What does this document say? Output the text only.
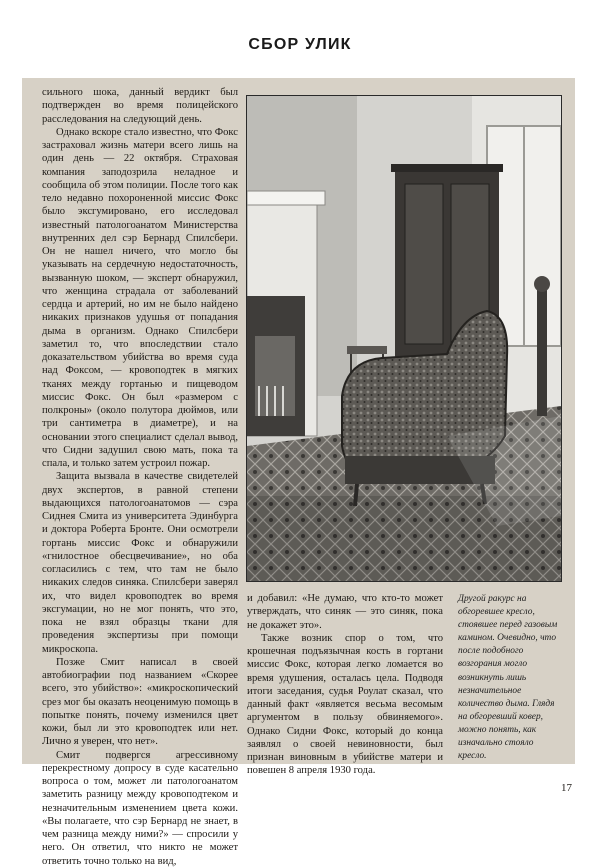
СБОР УЛИК

сильного шока, данный вердикт был подтвержден во время полицейского расследования на следующий день.

Однако вскоре стало известно, что Фокс застраховал жизнь матери всего лишь на один день — 22 октября. Страховая компания заподозрила неладное и сообщила об этом полиции. После того как тело недавно похороненной миссис Фокс было эксгумировано, его исследовал известный патологоанатом Министерства внутренних дел сэр Бернард Спилсбери. Он не нашел ничего, что могло бы указывать на сердечную недостаточность, вызванную шоком, — эксперт обнаружил, что женщина страдала от заболеваний сердца и артерий, но им не было найдено никаких признаков удушья от попадания дыма в организм. Однако Спилсбери заметил то, что впоследствии стало доказательством убийства во время суда над Фоксом, — кровоподтек в мягких тканях между гортанью и пищеводом миссис Фокс. Он был «размером с полкроны» (около полутора дюймов, или три сантиметра в диаметре), и на основании этого специалист сделал вывод, что Сидни задушил свою мать, пока та спала, и только затем устроил пожар.

Защита вызвала в качестве свидетелей двух экспертов, в равной степени выдающихся патологоанатомов — сэра Сиднея Смита из университета Эдинбурга и доктора Роберта Бронте. Они осмотрели гортань миссис Фокс и обнаружили «гнилостное обесцвечивание», но оба согласились с тем, что там не было никаких следов синяка. Спилсбери заверял их, что видел кровоподтек во время эксгумации, но не мог понять, что это, пока не взял образцы ткани для проведения экспертизы при помощи микроскопа.

Позже Смит написал в своей автобиографии под названием «Скорее всего, это убийство»: «микроскопический срез мог бы оказать неоценимую помощь в попытке понять, почему изменился цвет кожи, был ли это кровоподтек или нет. Лично я уверен, что нет».

Смит подвергся агрессивному перекрестному допросу в суде касательно вопроса о том, может ли патологоанатом заметить разницу между кровоподтеком и незначительным изменением цвета кожи. «Вы полагаете, что сэр Бернард не знает, в чем разница между ними?» — спросили у него. Он ответил, что никто не может ответить точно только на вид,

и добавил: «Не думаю, что кто-то может утверждать, что синяк — это синяк, пока не докажет это».

Также возник спор о том, что крошечная подъязычная кость в гортани миссис Фокс, которая легко ломается во время удушения, осталась цела. Подводя итоги заседания, судья Роулат сказал, что данный факт «является весьма весомым аргументом в пользу обвиняемого». Однако Сидни Фокс, который до конца заявлял о своей невиновности, был признан виновным в убийстве матери и повешен 8 апреля 1930 года.

Другой ракурс на обгоревшее кресло, стоявшее перед газовым камином. Очевидно, что после подобного возгорания могло возникнуть лишь незначительное количество дыма. Глядя на обгоревший ковер, можно понять, как изначально стояло кресло.
17
